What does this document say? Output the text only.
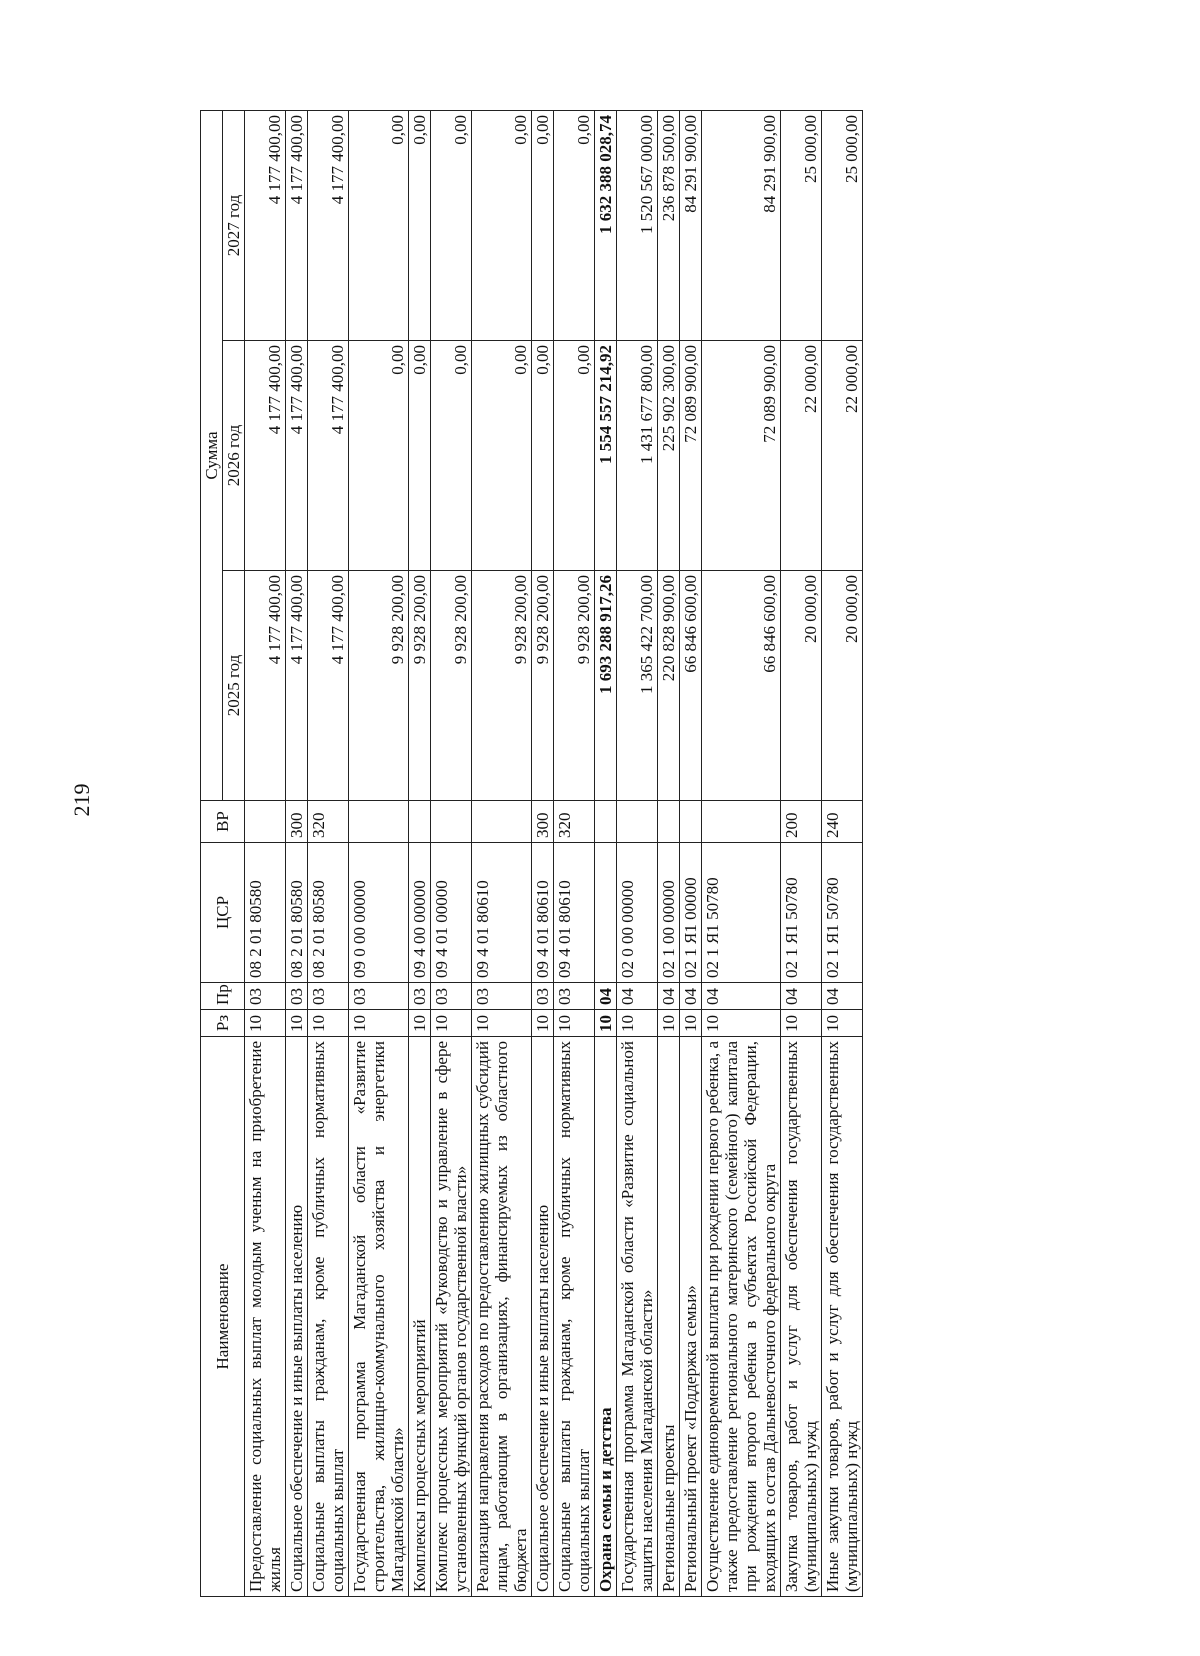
219
Наименование	Рз	Пр	ЦСР	ВР	Сумма		
					2025 год	2026 год	2027 год
Предоставление социальных выплат молодым ученым на приобретение жилья	10	03	08 2 01 80580		4 177 400,00	4 177 400,00	4 177 400,00
Социальное обеспечение и иные выплаты населению	10	03	08 2 01 80580	300	4 177 400,00	4 177 400,00	4 177 400,00
Социальные выплаты гражданам, кроме публичных нормативных социальных выплат	10	03	08 2 01 80580	320	4 177 400,00	4 177 400,00	4 177 400,00
Государственная программа Магаданской области «Развитие строительства, жилищно-коммунального хозяйства и энергетики Магаданской области»	10	03	09 0 00 00000		9 928 200,00	0,00	0,00
Комплексы процессных мероприятий	10	03	09 4 00 00000		9 928 200,00	0,00	0,00
Комплекс процессных мероприятий «Руководство и управление в сфере установленных функций органов государственной власти»	10	03	09 4 01 00000		9 928 200,00	0,00	0,00
Реализация направления расходов по предоставлению жилищных субсидий лицам, работающим в организациях, финансируемых из областного бюджета	10	03	09 4 01 80610		9 928 200,00	0,00	0,00
Социальное обеспечение и иные выплаты населению	10	03	09 4 01 80610	300	9 928 200,00	0,00	0,00
Социальные выплаты гражданам, кроме публичных нормативных социальных выплат	10	03	09 4 01 80610	320	9 928 200,00	0,00	0,00
Охрана семьи и детства	10	04			1 693 288 917,26	1 554 557 214,92	1 632 388 028,74
Государственная программа Магаданской области «Развитие социальной защиты населения Магаданской области»	10	04	02 0 00 00000		1 365 422 700,00	1 431 677 800,00	1 520 567 000,00
Региональные проекты	10	04	02 1 00 00000		220 828 900,00	225 902 300,00	236 878 500,00
Региональный проект «Поддержка семьи»	10	04	02 1 Я1 00000		66 846 600,00	72 089 900,00	84 291 900,00
Осуществление единовременной выплаты при рождении первого ребенка, а также предоставление регионального материнского (семейного) капитала при рождении второго ребенка в субъектах Российской Федерации, входящих в состав Дальневосточного федерального округа	10	04	02 1 Я1 50780		66 846 600,00	72 089 900,00	84 291 900,00
Закупка товаров, работ и услуг для обеспечения государственных (муниципальных) нужд	10	04	02 1 Я1 50780	200	20 000,00	22 000,00	25 000,00
Иные закупки товаров, работ и услуг для обеспечения государственных (муниципальных) нужд	10	04	02 1 Я1 50780	240	20 000,00	22 000,00	25 000,00
